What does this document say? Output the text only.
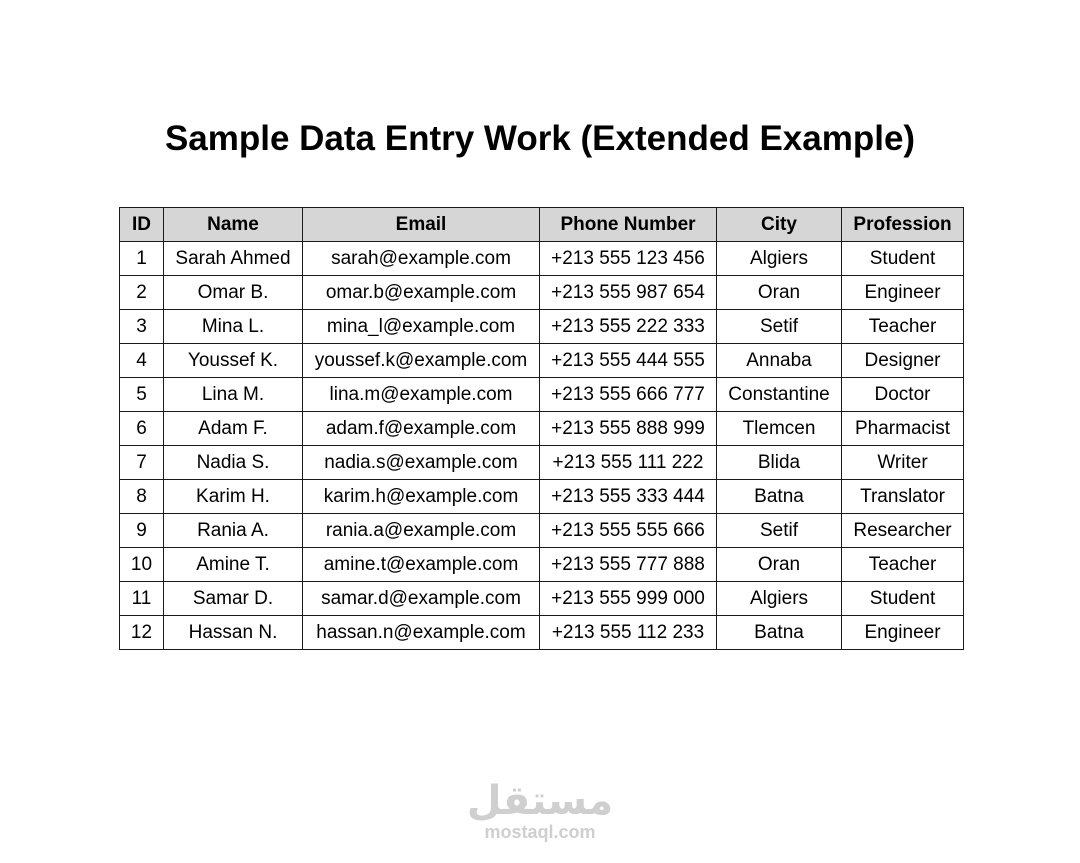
Sample Data Entry Work (Extended Example)
ID	Name	Email	Phone Number	City	Profession
1	Sarah Ahmed	sarah@example.com	+213 555 123 456	Algiers	Student
2	Omar B.	omar.b@example.com	+213 555 987 654	Oran	Engineer
3	Mina L.	mina_l@example.com	+213 555 222 333	Setif	Teacher
4	Youssef K.	youssef.k@example.com	+213 555 444 555	Annaba	Designer
5	Lina M.	lina.m@example.com	+213 555 666 777	Constantine	Doctor
6	Adam F.	adam.f@example.com	+213 555 888 999	Tlemcen	Pharmacist
7	Nadia S.	nadia.s@example.com	+213 555 111 222	Blida	Writer
8	Karim H.	karim.h@example.com	+213 555 333 444	Batna	Translator
9	Rania A.	rania.a@example.com	+213 555 555 666	Setif	Researcher
10	Amine T.	amine.t@example.com	+213 555 777 888	Oran	Teacher
11	Samar D.	samar.d@example.com	+213 555 999 000	Algiers	Student
12	Hassan N.	hassan.n@example.com	+213 555 112 233	Batna	Engineer
مستقل
mostaql.com
